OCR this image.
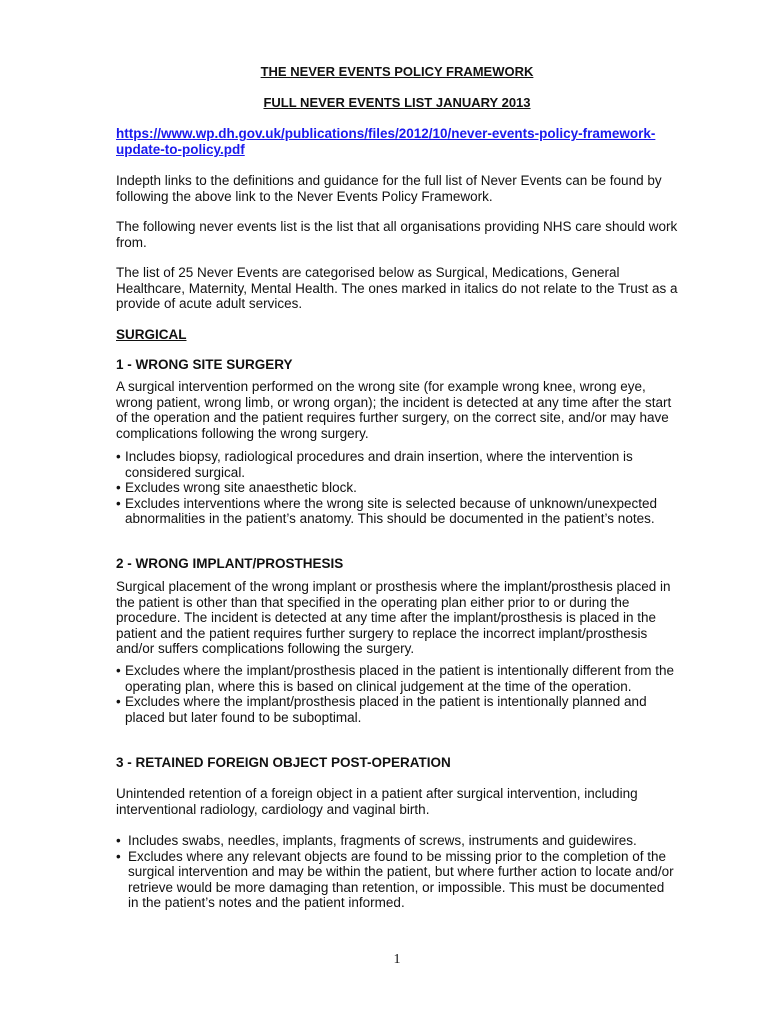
THE NEVER EVENTS POLICY FRAMEWORK
FULL NEVER EVENTS LIST JANUARY 2013
https://www.wp.dh.gov.uk/publications/files/2012/10/never-events-policy-framework-update-to-policy.pdf
Indepth links to the definitions and guidance for the full list of Never Events can be found by following the above link to the Never Events Policy Framework.
The following never events list is the list that all organisations providing NHS care should work from.
The list of 25 Never Events are categorised below as Surgical, Medications, General Healthcare, Maternity, Mental Health. The ones marked in italics do not relate to the Trust as a provide of acute adult services.
SURGICAL
1 - WRONG SITE SURGERY
A surgical intervention performed on the wrong site (for example wrong knee, wrong eye, wrong patient, wrong limb, or wrong organ); the incident is detected at any time after the start of the operation and the patient requires further surgery, on the correct site, and/or may have complications following the wrong surgery.
• Includes biopsy, radiological procedures and drain insertion, where the intervention is considered surgical.
• Excludes wrong site anaesthetic block.
• Excludes interventions where the wrong site is selected because of unknown/unexpected abnormalities in the patient’s anatomy. This should be documented in the patient’s notes.
2 - WRONG IMPLANT/PROSTHESIS
Surgical placement of the wrong implant or prosthesis where the implant/prosthesis placed in the patient is other than that specified in the operating plan either prior to or during the procedure. The incident is detected at any time after the implant/prosthesis is placed in the patient and the patient requires further surgery to replace the incorrect implant/prosthesis and/or suffers complications following the surgery.
• Excludes where the implant/prosthesis placed in the patient is intentionally different from the operating plan, where this is based on clinical judgement at the time of the operation.
• Excludes where the implant/prosthesis placed in the patient is intentionally planned and placed but later found to be suboptimal.
3 - RETAINED FOREIGN OBJECT POST-OPERATION
Unintended retention of a foreign object in a patient after surgical intervention, including interventional radiology, cardiology and vaginal birth.
• Includes swabs, needles, implants, fragments of screws, instruments and guidewires.
• Excludes where any relevant objects are found to be missing prior to the completion of the surgical intervention and may be within the patient, but where further action to locate and/or retrieve would be more damaging than retention, or impossible. This must be documented in the patient’s notes and the patient informed.
1
